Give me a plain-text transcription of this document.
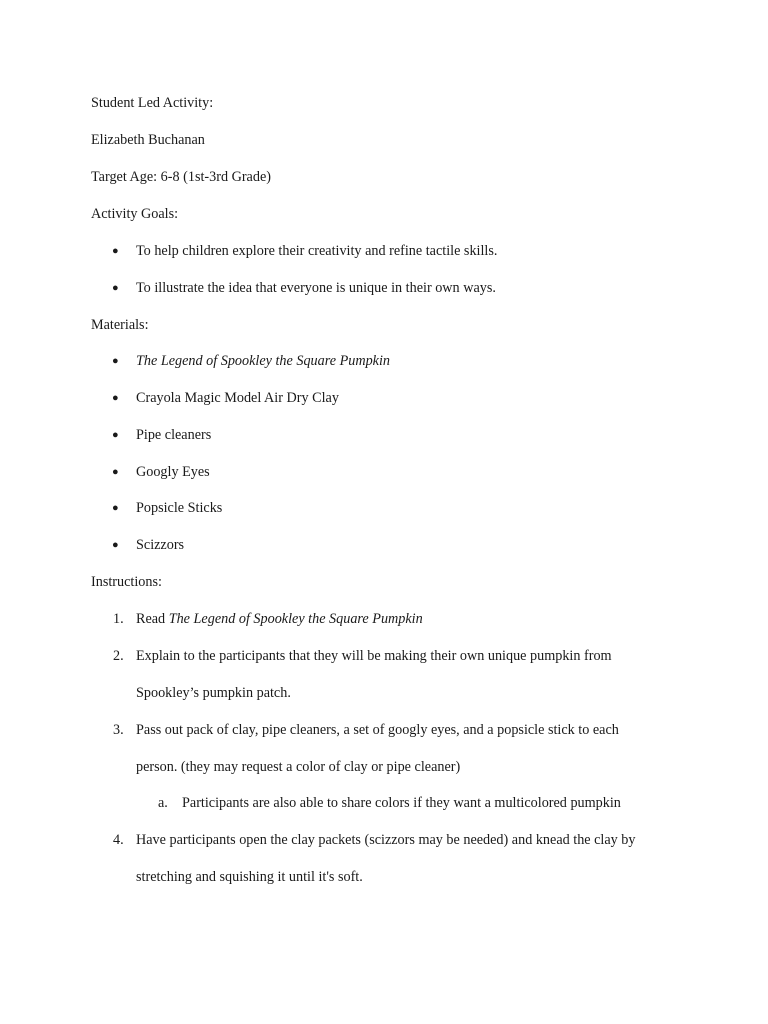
Student Led Activity:
Elizabeth Buchanan
Target Age: 6-8 (1st-3rd Grade)
Activity Goals:
● To help children explore their creativity and refine tactile skills.
● To illustrate the idea that everyone is unique in their own ways.
Materials:
● The Legend of Spookley the Square Pumpkin
● Crayola Magic Model Air Dry Clay
● Pipe cleaners
● Googly Eyes
● Popsicle Sticks
● Scizzors
Instructions:
1. Read The Legend of Spookley the Square Pumpkin
2. Explain to the participants that they will be making their own unique pumpkin from
Spookley’s pumpkin patch.
3. Pass out pack of clay, pipe cleaners, a set of googly eyes, and a popsicle stick to each
person. (they may request a color of clay or pipe cleaner)
a. Participants are also able to share colors if they want a multicolored pumpkin
4. Have participants open the clay packets (scizzors may be needed) and knead the clay by
stretching and squishing it until it's soft.
